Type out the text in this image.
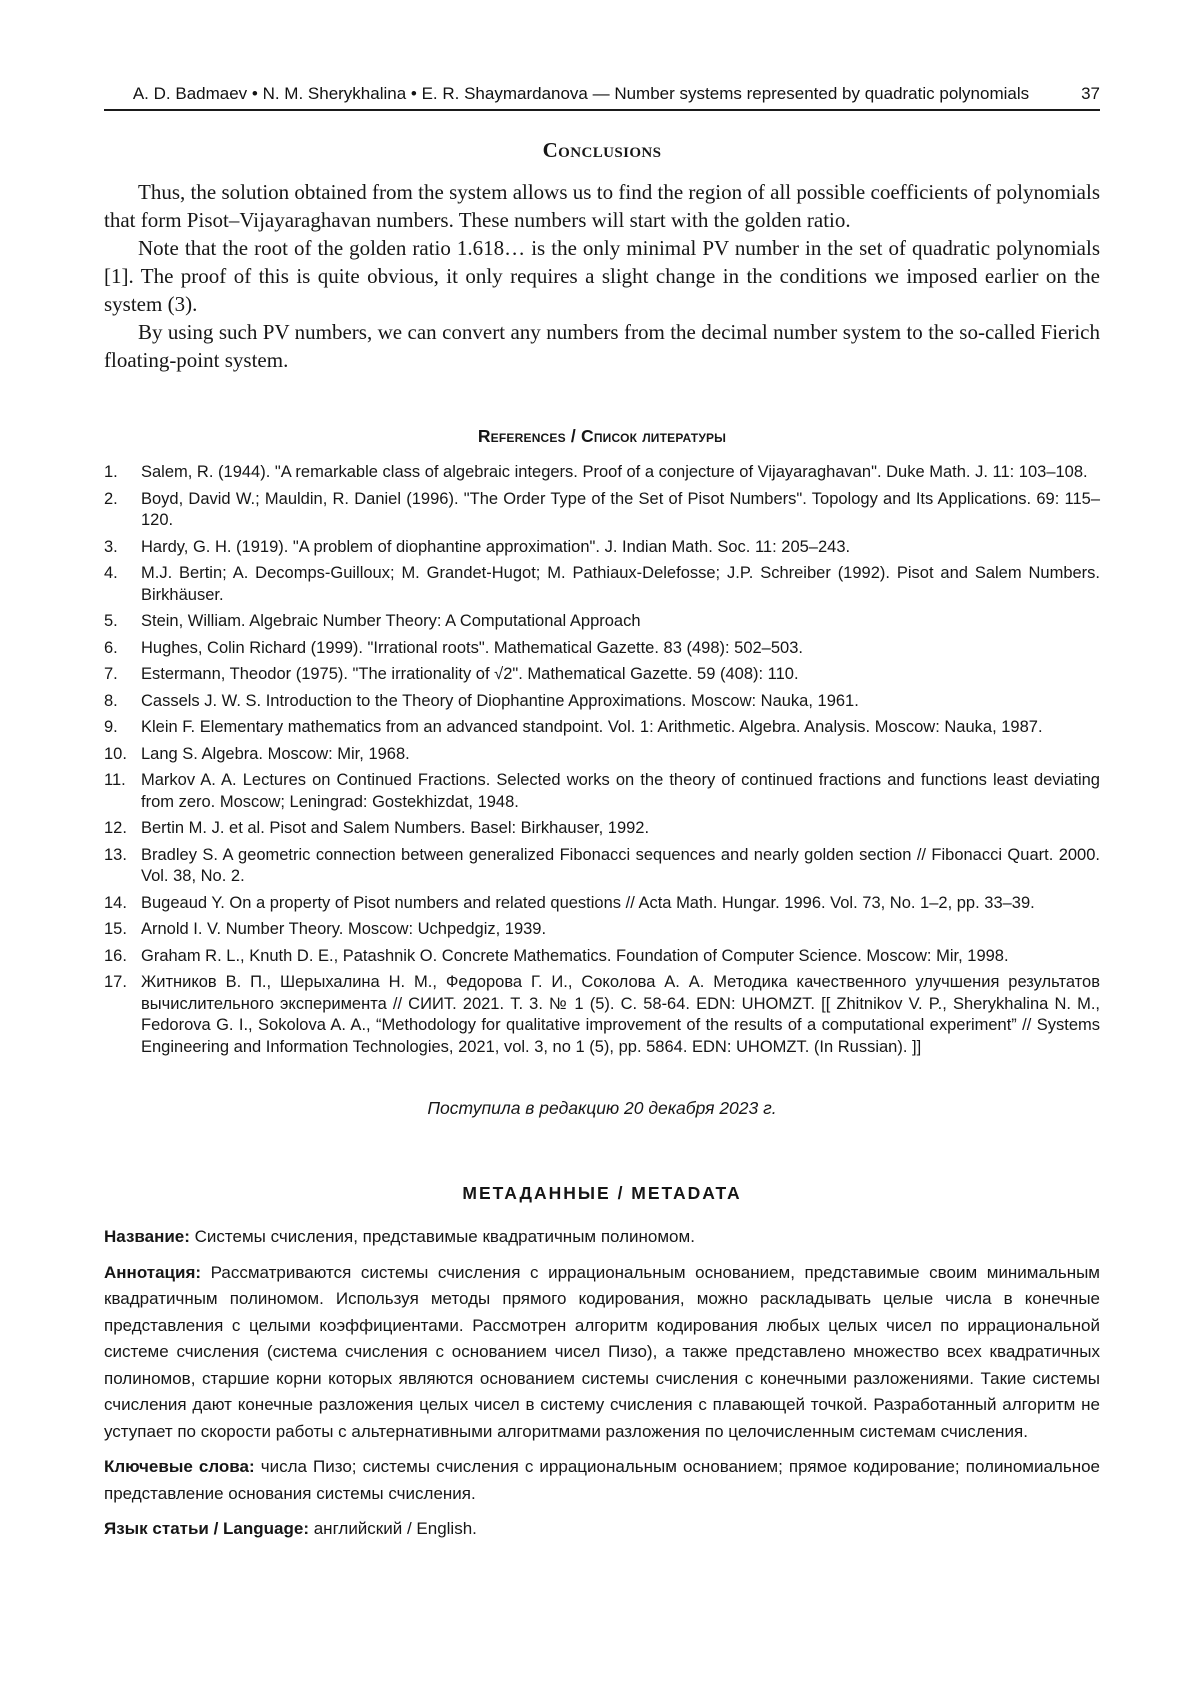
A. D. Badmaev • N. M. Sherykhalina • E. R. Shaymardanova — Number systems represented by quadratic polynomials	37
Conclusions

Thus, the solution obtained from the system allows us to find the region of all possible coefficients of polynomials that form Pisot–Vijayaraghavan numbers. These numbers will start with the golden ratio.

Note that the root of the golden ratio 1.618… is the only minimal PV number in the set of quadratic polynomials [1]. The proof of this is quite obvious, it only requires a slight change in the conditions we imposed earlier on the system (3).

By using such PV numbers, we can convert any numbers from the decimal number system to the so-called Fierich floating-point system.

References / Список литературы
1.	Salem, R. (1944). "A remarkable class of algebraic integers. Proof of a conjecture of Vijayaraghavan". Duke Math. J. 11: 103–108.
2.	Boyd, David W.; Mauldin, R. Daniel (1996). "The Order Type of the Set of Pisot Numbers". Topology and Its Applications. 69: 115–120.
3.	Hardy, G. H. (1919). "A problem of diophantine approximation". J. Indian Math. Soc. 11: 205–243.
4.	M.J. Bertin; A. Decomps-Guilloux; M. Grandet-Hugot; M. Pathiaux-Delefosse; J.P. Schreiber (1992). Pisot and Salem Numbers. Birkhäuser.
5.	Stein, William. Algebraic Number Theory: A Computational Approach
6.	Hughes, Colin Richard (1999). "Irrational roots". Mathematical Gazette. 83 (498): 502–503.
7.	Estermann, Theodor (1975). "The irrationality of √2". Mathematical Gazette. 59 (408): 110.
8.	Cassels J. W. S. Introduction to the Theory of Diophantine Approximations. Moscow: Nauka, 1961.
9.	Klein F. Elementary mathematics from an advanced standpoint. Vol. 1: Arithmetic. Algebra. Analysis. Moscow: Nauka, 1987.
10. Lang S. Algebra. Moscow: Mir, 1968.
11. Markov A. A. Lectures on Continued Fractions. Selected works on the theory of continued fractions and functions least deviating from zero. Moscow; Leningrad: Gostekhizdat, 1948.
12. Bertin M. J. et al. Pisot and Salem Numbers. Basel: Birkhauser, 1992.
13. Bradley S. A geometric connection between generalized Fibonacci sequences and nearly golden section // Fibonacci Quart. 2000. Vol. 38, No. 2.
14. Bugeaud Y. On a property of Pisot numbers and related questions // Acta Math. Hungar. 1996. Vol. 73, No. 1–2, pp. 33–39.
15. Arnold I. V. Number Theory. Moscow: Uchpedgiz, 1939.
16. Graham R. L., Knuth D. E., Patashnik O. Concrete Mathematics. Foundation of Computer Science. Moscow: Mir, 1998.
17. Житников В. П., Шерыхалина Н. М., Федорова Г. И., Соколова А. А. Методика качественного улучшения результатов вычислительного эксперимента // СИИТ. 2021. Т. 3. № 1 (5). С. 58-64. EDN: UHOMZT. [[ Zhitnikov V. P., Sherykhalina N. M., Fedorova G. I., Sokolova A. A., “Methodology for qualitative improvement of the results of a computational experiment” // Systems Engineering and Information Technologies, 2021, vol. 3, no 1 (5), pp. 5864. EDN: UHOMZT. (In Russian). ]]

Поступила в редакцию 20 декабря 2023 г.

МЕТАДАННЫЕ / METADATA

Название: Системы счисления, представимые квадратичным полиномом.

Аннотация: Рассматриваются системы счисления с иррациональным основанием, представимые своим минимальным квадратичным полиномом. Используя методы прямого кодирования, можно раскладывать целые числа в конечные представления с целыми коэффициентами. Рассмотрен алгоритм кодирования любых целых чисел по иррациональной системе счисления (система счисления с основанием чисел Пизо), а также представлено множество всех квадратичных полиномов, старшие корни которых являются основанием системы счисления с конечными разложениями. Такие системы счисления дают конечные разложения целых чисел в систему счисления с плавающей точкой. Разработанный алгоритм не уступает по скорости работы с альтернативными алгоритмами разложения по целочисленным системам счисления.

Ключевые слова: числа Пизо; системы счисления с иррациональным основанием; прямое кодирование; полиномиальное представление основания системы счисления.

Язык статьи / Language: английский / English.
